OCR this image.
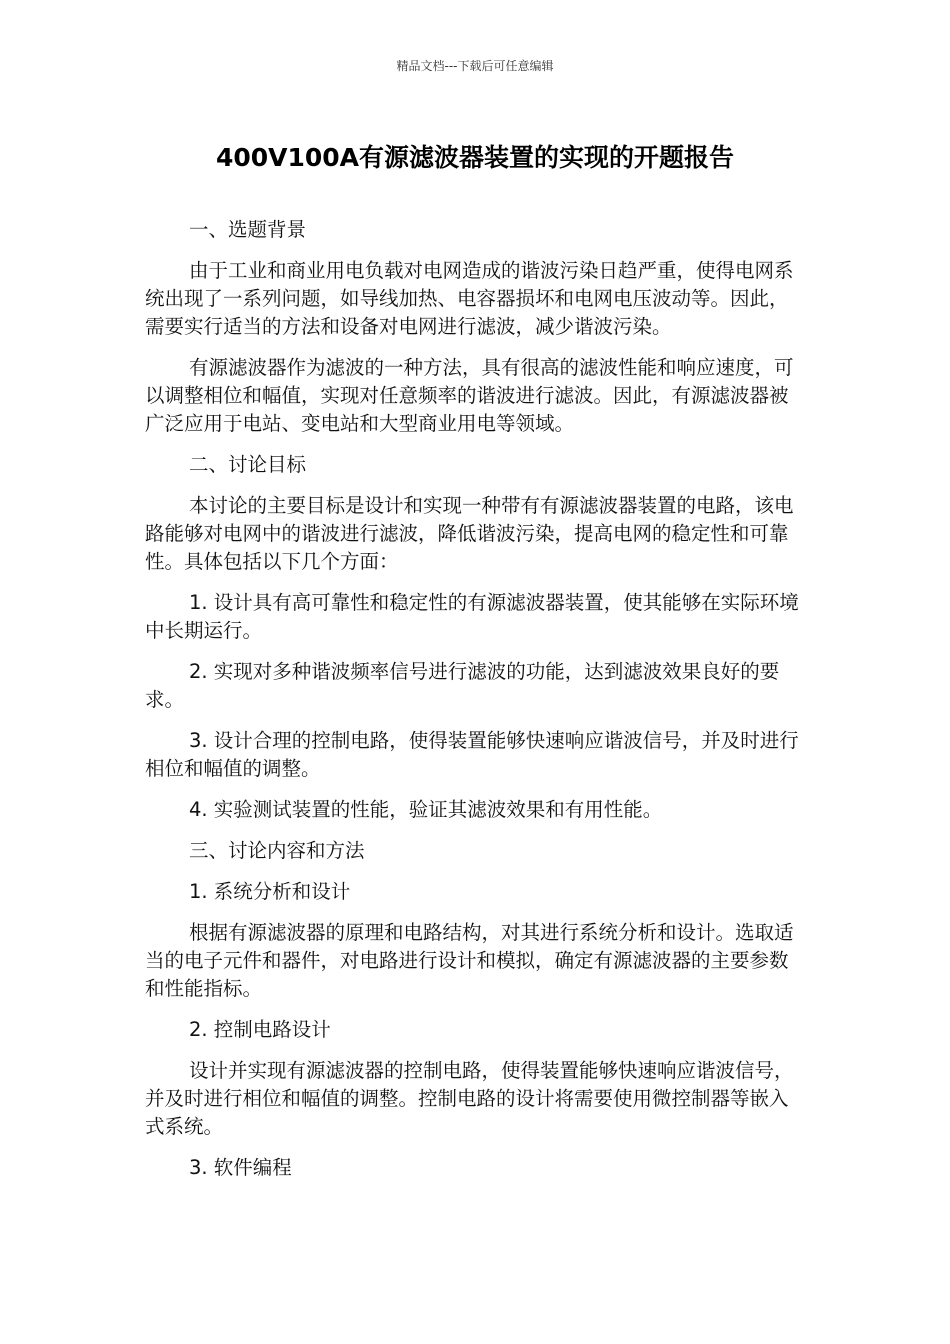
精品文档---下载后可任意编辑
400V100A有源滤波器装置的实现的开题报告

一、选题背景

由于工业和商业用电负载对电网造成的谐波污染日趋严重，使得电网系统出现了一系列问题，如导线加热、电容器损坏和电网电压波动等。因此，需要实行适当的方法和设备对电网进行滤波，减少谐波污染。

有源滤波器作为滤波的一种方法，具有很高的滤波性能和响应速度，可以调整相位和幅值，实现对任意频率的谐波进行滤波。因此，有源滤波器被广泛应用于电站、变电站和大型商业用电等领域。

二、讨论目标

本讨论的主要目标是设计和实现一种带有有源滤波器装置的电路，该电路能够对电网中的谐波进行滤波，降低谐波污染，提高电网的稳定性和可靠性。具体包括以下几个方面：

1. 设计具有高可靠性和稳定性的有源滤波器装置，使其能够在实际环境中长期运行。

2. 实现对多种谐波频率信号进行滤波的功能，达到滤波效果良好的要求。

3. 设计合理的控制电路，使得装置能够快速响应谐波信号，并及时进行相位和幅值的调整。

4. 实验测试装置的性能，验证其滤波效果和有用性能。

三、讨论内容和方法

1. 系统分析和设计

根据有源滤波器的原理和电路结构，对其进行系统分析和设计。选取适当的电子元件和器件，对电路进行设计和模拟，确定有源滤波器的主要参数和性能指标。

2. 控制电路设计

设计并实现有源滤波器的控制电路，使得装置能够快速响应谐波信号，并及时进行相位和幅值的调整。控制电路的设计将需要使用微控制器等嵌入式系统。

3. 软件编程
